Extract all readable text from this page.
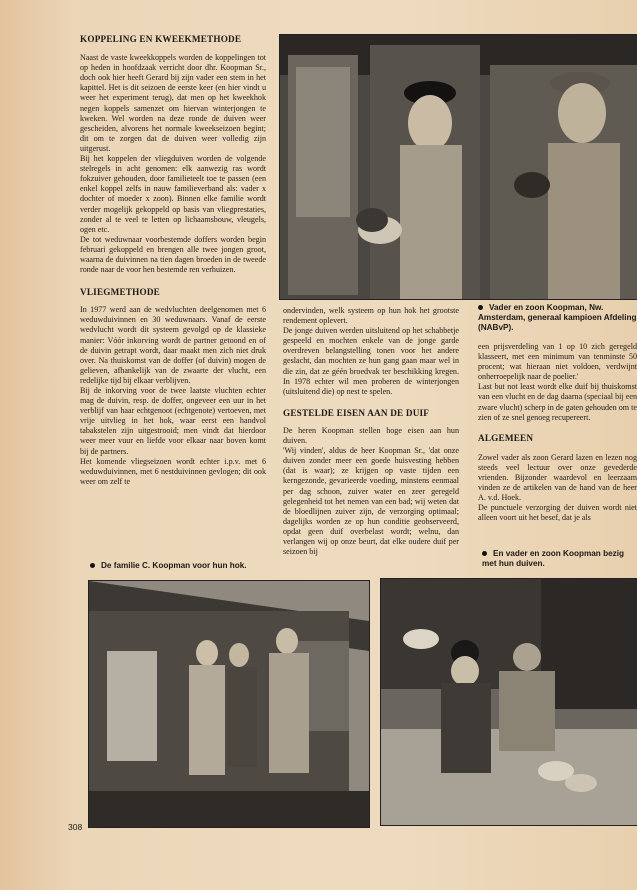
KOPPELING EN KWEEKMETHODE

Naast de vaste kweekkoppels worden de koppelingen tot op heden in hoofdzaak verricht door dhr. Koopman Sr., doch ook hier heeft Gerard bij zijn vader een stem in het kapittel. Het is dit seizoen de eerste keer (en hier vindt u weer het experiment terug), dat men op het kweekhok negen koppels samenzet om hiervan winterjongen te kweken. Wel worden na deze ronde de duiven weer gescheiden, alvorens het normale kweekseizoen begint; dit om te zorgen dat de duiven weer volledig zijn uitgerust.

Bij het koppelen der vliegduiven worden de volgende stelregels in acht genomen: elk aanwezig ras wordt fokzuiver gehouden, door familieteelt toe te passen (een enkel koppel zelfs in nauw familieverband als: vader x dochter of moeder x zoon). Binnen elke familie wordt verder mogelijk gekoppeld op basis van vliegprestaties, zonder al te veel te letten op lichaamsbouw, vleugels, ogen etc.

De tot weduwnaar voorbestemde doffers worden begin februari gekoppeld en brengen alle twee jongen groot, waarna de duivinnen na tien dagen broeden in de tweede ronde naar de voor hen bestemde ren verhuizen.

VLIEGMETHODE

In 1977 werd aan de wedvluchten deelgenomen met 6 weduwduivinnen en 30 weduwnaars. Vanaf de eerste wedvlucht wordt dit systeem gevolgd op de klassieke manier: Vóór inkorving wordt de partner getoond en of de duivin getrapt wordt, daar maakt men zich niet druk over. Na thuiskomst van de doffer (of duivin) mogen de gelieven, afhankelijk van de zwaarte der vlucht, een redelijke tijd bij elkaar verblijven.

Bij de inkorving voor de twee laatste vluchten echter mag de duivin, resp. de doffer, ongeveer een uur in het verblijf van haar echtgenoot (echtgenote) vertoeven, met vrije uitvlieg in het hok, waar eerst een handvol tabakstelen zijn uitgestrooid; men vindt dat hierdoor weer meer vuur en liefde voor elkaar naar boven komt bij de partners.

Het komende vliegseizoen wordt echter i.p.v. met 6 weduwduivinnen, met 6 nestduivinnen gevlogen; dit ook weer om zelf te

De familie C. Koopman voor hun hok.

ondervinden, welk systeem op hun hok het grootste rendement oplevert.

De jonge duiven werden uitsluitend op het schabbetje gespeeld en mochten enkele van de jonge garde overdreven belangstelling tonen voor het andere geslacht, dan mochten ze hun gang gaan maar wel in die zin, dat ze géén broedvak ter beschikking kregen. In 1978 echter wil men proberen de winterjongen (uitsluitend die) op nest te spelen.

GESTELDE EISEN AAN DE DUIF

De heren Koopman stellen hoge eisen aan hun duiven.

'Wij vinden', aldus de heer Koopman Sr., 'dat onze duiven zonder meer een goede huisvesting hebben (dat is waar); ze krijgen op vaste tijden een kerngezonde, gevarieerde voeding, minstens eenmaal per dag schoon, zuiver water en zeer geregeld gelegenheid tot het nemen van een bad; wij weten dat de bloedlijnen zuiver zijn, de verzorging optimaal; dagelijks worden ze op hun conditie geobserveerd, opdat geen duif overbelast wordt; welnu, dan verlangen wij op onze beurt, dat elke oudere duif per seizoen bij

Vader en zoon Koopman, Nw. Amsterdam, generaal kampioen Afdeling (NABvP).

een prijsverdeling van 1 op 10 zich geregeld klasseert, met een minimum van tenminste 50 procent; wat hieraan niet voldoen, verdwijnt onherroepelijk naar de poelier.'

Last but not least wordt elke duif bij thuiskomst van een vlucht en de dag daarna (speciaal bij een zware vlucht) scherp in de gaten gehouden om te zien of ze snel genoeg recupereert.

ALGEMEEN

Zowel vader als zoon Gerard lazen en lezen nog steeds veel lectuur over onze gevederde vrienden. Bijzonder waardevol en leerzaam vinden ze de artikelen van de hand van de heer A. v.d. Hoek.

De punctuele verzorging der duiven wordt niet alleen voort uit het besef, dat je als

En vader en zoon Koopman bezig met hun duiven.
308
